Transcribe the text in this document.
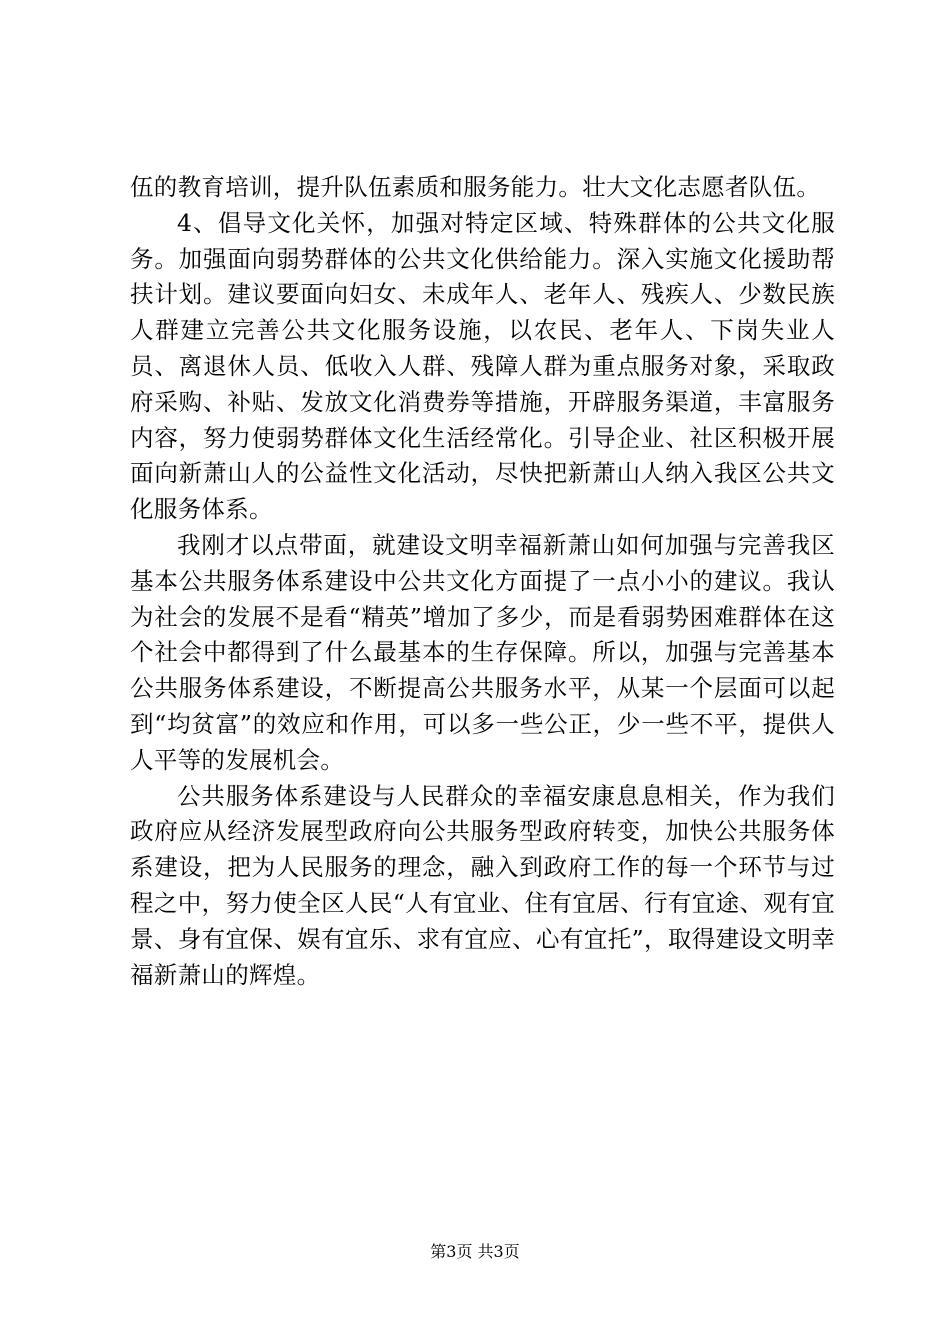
伍的教育培训，提升队伍素质和服务能力。壮大文化志愿者队伍。

4、倡导文化关怀，加强对特定区域、特殊群体的公共文化服务。加强面向弱势群体的公共文化供给能力。深入实施文化援助帮扶计划。建议要面向妇女、未成年人、老年人、残疾人、少数民族人群建立完善公共文化服务设施，以农民、老年人、下岗失业人员、离退休人员、低收入人群、残障人群为重点服务对象，采取政府采购、补贴、发放文化消费券等措施，开辟服务渠道，丰富服务内容，努力使弱势群体文化生活经常化。引导企业、社区积极开展面向新萧山人的公益性文化活动，尽快把新萧山人纳入我区公共文化服务体系。

我刚才以点带面，就建设文明幸福新萧山如何加强与完善我区基本公共服务体系建设中公共文化方面提了一点小小的建议。我认为社会的发展不是看“精英”增加了多少，而是看弱势困难群体在这个社会中都得到了什么最基本的生存保障。所以，加强与完善基本公共服务体系建设，不断提高公共服务水平，从某一个层面可以起到“均贫富”的效应和作用，可以多一些公正，少一些不平，提供人人平等的发展机会。

公共服务体系建设与人民群众的幸福安康息息相关，作为我们政府应从经济发展型政府向公共服务型政府转变，加快公共服务体系建设，把为人民服务的理念，融入到政府工作的每一个环节与过程之中，努力使全区人民“人有宜业、住有宜居、行有宜途、观有宜景、身有宜保、娱有宜乐、求有宜应、心有宜托”，取得建设文明幸福新萧山的辉煌。

第3页 共3页
